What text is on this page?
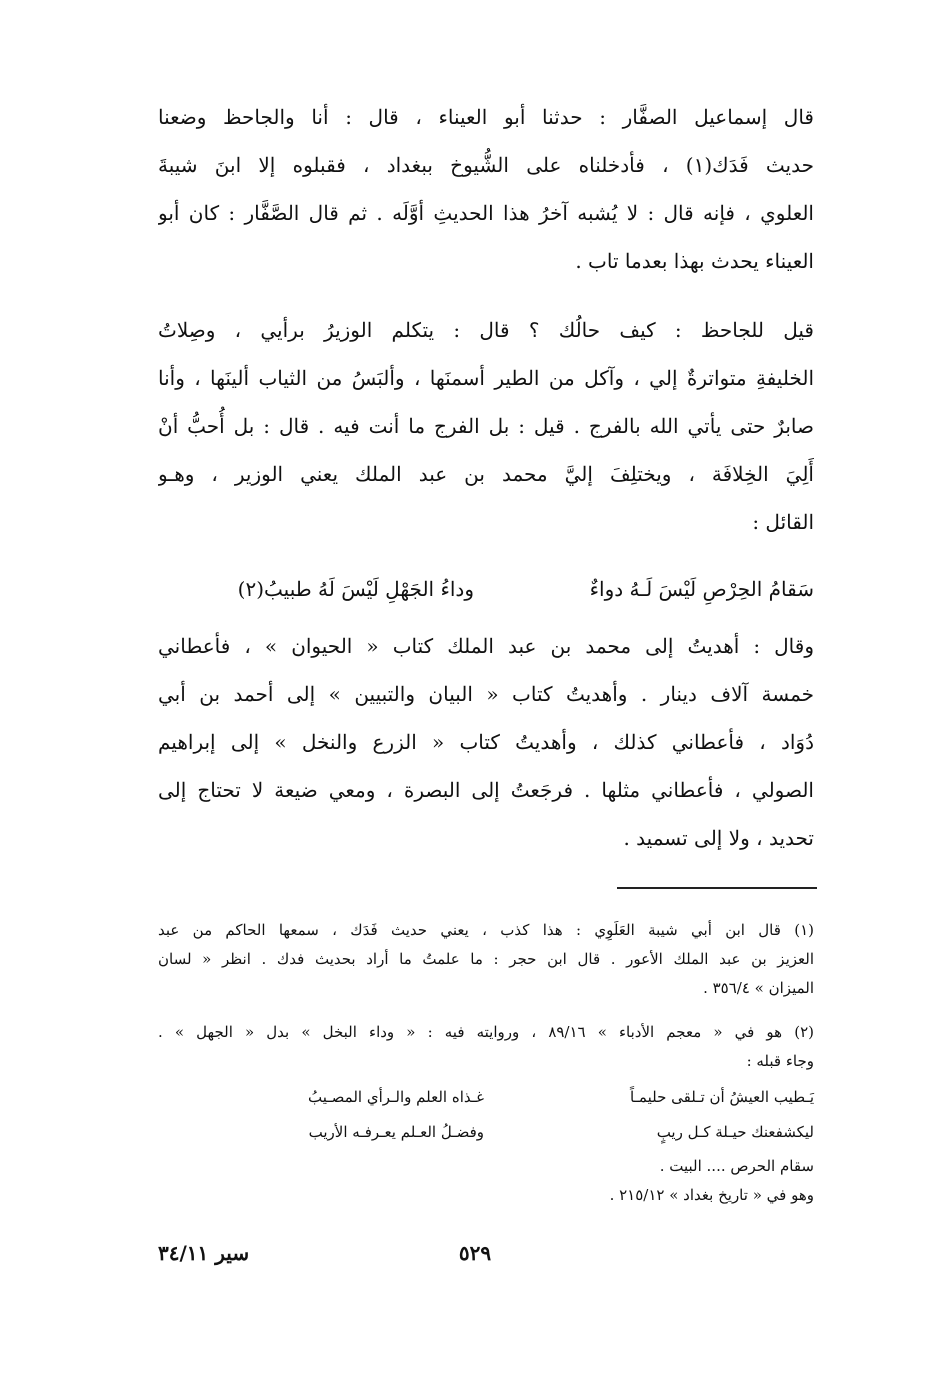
قال إسماعيل الصفَّار : حدثنا أبو العيناء ، قال : أنا والجاحظ وضعنا
حديث فَدَك(١) ، فأدخلناه على الشُّيوخ ببغداد ، فقبلوه إلا ابنَ شيبةَ
العلوي ، فإنه قال : لا يُشبه آخرُ هذا الحديثِ أوَّلَه . ثم قال الصَّفَّار : كان أبو
العيناء يحدث بهذا بعدما تاب .
قيل للجاحظ : كيف حالُك ؟ قال : يتكلم الوزيرُ برأيي ، وصِلاتُ
الخليفةِ متواترةٌ إلي ، وآكل من الطير أسمنَها ، وألبَسُ من الثياب ألينَها ، وأنا
صابرٌ حتى يأتي الله بالفرج . قيل : بل الفرج ما أنت فيه . قال : بل أُحبُّ أنْ
أَلِيَ الخِلافَة ، ويختلِفَ إليَّ محمد بن عبد الملك يعني الوزير ، وهـو
القائل :
سَقامُ الحِرْصِ لَيْسَ لَـهُ دواءٌ
وداءُ الجَهْلِ لَيْسَ لَهُ طبيبُ(٢)
وقال : أهديتُ إلى محمد بن عبد الملك كتاب « الحيوان » ، فأعطاني
خمسة آلاف دينار . وأهديتُ كتاب « البيان والتبيين » إلى أحمد بن أبي
دُوَاد ، فأعطاني كذلك ، وأهديتُ كتاب « الزرع والنخل » إلى إبراهيم
الصولي ، فأعطاني مثلها . فرجَعتُ إلى البصرة ، ومعي ضيعة لا تحتاج إلى
تحديد ، ولا إلى تسميد .
(١) قال ابن أبي شيبة العَلَوِي : هذا كذب ، يعني حديث فَدَك ، سمعها الحاكم من عبد
العزيز بن عبد الملك الأعور . قال ابن حجر : ما علمتُ ما أراد بحديث فدك . انظر « لسان
الميزان » ٣٥٦/٤ .
(٢) هو في « معجم الأدباء » ٨٩/١٦ ، وروايته فيه : « وداء البخل » بدل « الجهل » .
وجاء قبله :
يَـطيب العيشُ أن تـلقى حليمـاً
غـذاه العلم والـرأي المصـيبُ
ليكشفعنك حيـلة كـل ريبٍ
وفضـلُ العـلم يعـرفـه الأريب
سقام الحرص .... البيت .
وهو في « تاريخ بغداد » ٢١٥/١٢ .
٥٢٩
سير ٣٤/١١
